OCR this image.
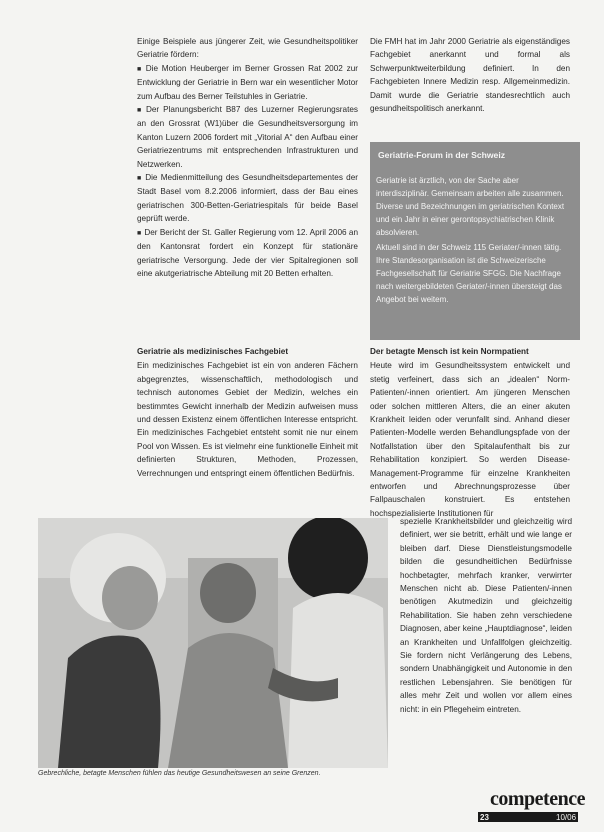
Einige Beispiele aus jüngerer Zeit, wie Gesundheitspolitiker Geriatrie fördern:

■ Die Motion Heuberger im Berner Grossen Rat 2002 zur Entwicklung der Geriatrie in Bern war ein wesentlicher Motor zum Aufbau des Berner Teilstuhles in Geriatrie.

■ Der Planungsbericht B87 des Luzerner Regierungsrates an den Grossrat (W1)über die Gesundheitsversorgung im Kanton Luzern 2006 fordert mit „Vitorial A“ den Aufbau einer Geriatriezentrums mit entsprechenden Infrastrukturen und Netzwerken.

■ Die Medienmitteilung des Gesundheitsdepartementes der Stadt Basel vom 8.2.2006 informiert, dass der Bau eines geriatrischen 300-Betten-Geriatriespitals für beide Basel geprüft werde.

■ Der Bericht der St. Galler Regierung vom 12. April 2006 an den Kantonsrat fordert ein Konzept für stationäre geriatrische Versorgung. Jede der vier Spitalregionen soll eine akutgeriatrische Abteilung mit 20 Betten erhalten.

Die FMH hat im Jahr 2000 Geriatrie als eigenständiges Fachgebiet anerkannt und formal als Schwerpunktweiterbildung definiert. In den Fachgebieten Innere Medizin resp. Allgemeinmedizin. Damit wurde die Geriatrie standesrechtlich auch gesundheitspolitisch anerkannt.

Geriatrie-Forum in der Schweiz

Geriatrie ist ärztlich, von der Sache aber interdisziplinär. Gemeinsam arbeiten alle zusammen. Diverse und Bezeichnungen im geriatrischen Kontext und ein Jahr in einer gerontopsychiatrischen Klinik absolvieren.

Aktuell sind in der Schweiz 115 Geriater/-innen tätig. Ihre Standesorganisation ist die Schweizerische Fachgesellschaft für Geriatrie SFGG. Die Nachfrage nach weitergebildeten Geriater/-innen übersteigt das Angebot bei weitem.

Geriatrie als medizinisches Fachgebiet

Ein medizinisches Fachgebiet ist ein von anderen Fächern abgegrenztes, wissenschaftlich, methodologisch und technisch autonomes Gebiet der Medizin, welches ein bestimmtes Gewicht innerhalb der Medizin aufweisen muss und dessen Existenz einem öffentlichen Interesse entspricht. Ein medizinisches Fachgebiet entsteht somit nie nur einem Pool von Wissen. Es ist vielmehr eine funktionelle Einheit mit definierten Strukturen, Methoden, Prozessen, Verrechnungen und entspringt einem öffentlichen Bedürfnis.

Der betagte Mensch ist kein Normpatient

Heute wird im Gesundheitssystem entwickelt und stetig verfeinert, dass sich an „idealen“ Norm-Patienten/-innen orientiert. Am jüngeren Menschen oder solchen mittleren Alters, die an einer akuten Krankheit leiden oder verunfallt sind. Anhand dieser Patienten-Modelle werden Behandlungspfade von der Notfallstation über den Spitalaufenthalt bis zur Rehabilitation konzipiert. So werden Disease-Management-Programme für einzelne Krankheiten entworfen und Abrechnungsprozesse über Fallpauschalen konstruiert. Es entstehen hochspezialisierte Institutionen für

spezielle Krankheitsbilder und gleichzeitig wird definiert, wer sie betritt, erhält und wie lange er bleiben darf. Diese Dienstleistungsmodelle bilden die gesundheitlichen Bedürfnisse hochbetagter, mehrfach kranker, verwirrter Menschen nicht ab. Diese Patienten/-innen benötigen Akutmedizin und gleichzeitig Rehabilitation. Sie haben zehn verschiedene Diagnosen, aber keine „Hauptdiagnose“, leiden an Krankheiten und Unfallfolgen gleichzeitig. Sie fordern nicht Verlängerung des Lebens, sondern Unabhängigkeit und Autonomie in den restlichen Lebensjahren. Sie benötigen für alles mehr Zeit und wollen vor allem eines nicht: in ein Pflegeheim eintreten.

Gebrechliche, betagte Menschen fühlen das heutige Gesundheitswesen an seine Grenzen.
competence
23	10/06
